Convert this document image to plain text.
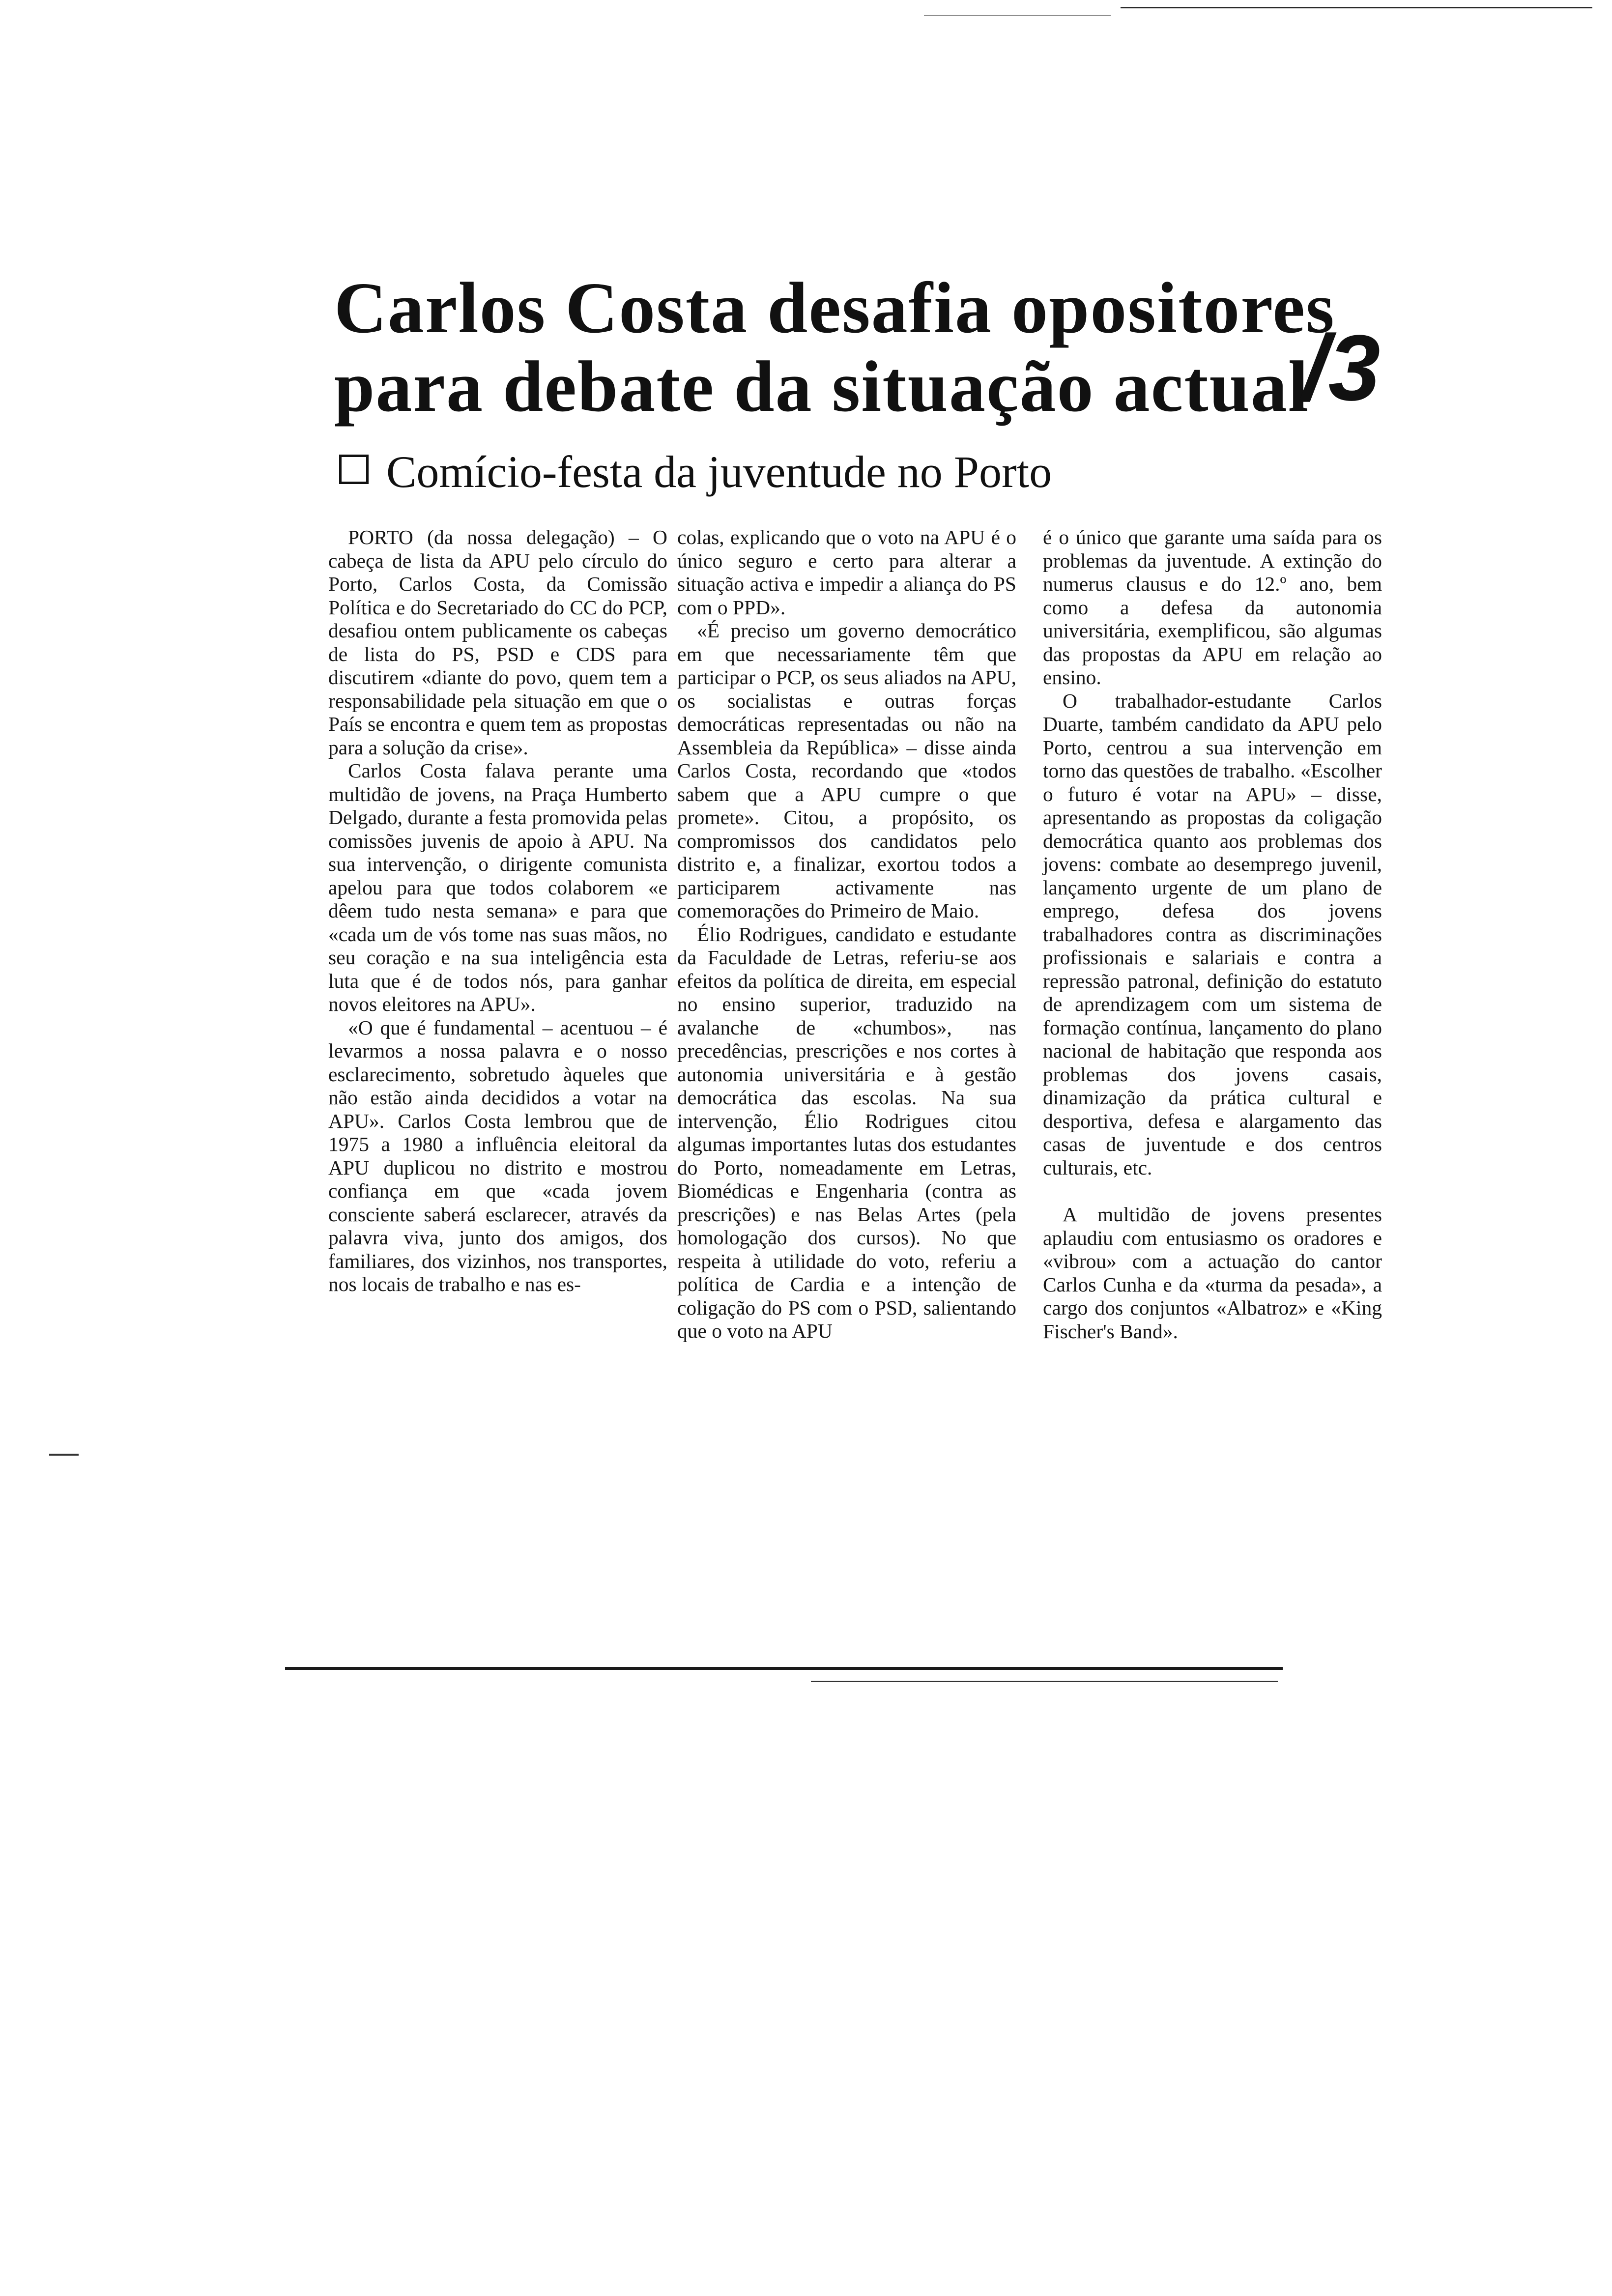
Carlos Costa desafia opositores
para debate da situação actual
/3
Comício-festa da juventude no Porto

PORTO (da nossa delegação) – O cabeça de lista da APU pelo círculo do Porto, Carlos Costa, da Comissão Política e do Secretariado do CC do PCP, desafiou ontem publicamente os cabeças de lista do PS, PSD e CDS para discutirem «diante do povo, quem tem a responsabilidade pela situação em que o País se encontra e quem tem as propostas para a solução da crise».

Carlos Costa falava perante uma multidão de jovens, na Praça Humberto Delgado, durante a festa promovida pelas comissões juvenis de apoio à APU. Na sua intervenção, o dirigente comunista apelou para que todos colaborem «e dêem tudo nesta semana» e para que «cada um de vós tome nas suas mãos, no seu coração e na sua inteligência esta luta que é de todos nós, para ganhar novos eleitores na APU».

«O que é fundamental – acentuou – é levarmos a nossa palavra e o nosso esclarecimento, sobretudo àqueles que não estão ainda decididos a votar na APU». Carlos Costa lembrou que de 1975 a 1980 a influência eleitoral da APU duplicou no distrito e mostrou confiança em que «cada jovem consciente saberá esclarecer, através da palavra viva, junto dos amigos, dos familiares, dos vizinhos, nos transportes, nos locais de trabalho e nas es-

colas, explicando que o voto na APU é o único seguro e certo para alterar a situação activa e impedir a aliança do PS com o PPD».

«É preciso um governo democrático em que necessariamente têm que participar o PCP, os seus aliados na APU, os socialistas e outras forças democráticas representadas ou não na Assembleia da República» – disse ainda Carlos Costa, recordando que «todos sabem que a APU cumpre o que promete». Citou, a propósito, os compromissos dos candidatos pelo distrito e, a finalizar, exortou todos a participarem activamente nas comemorações do Primeiro de Maio.

Élio Rodrigues, candidato e estudante da Faculdade de Letras, referiu-se aos efeitos da política de direita, em especial no ensino superior, traduzido na avalanche de «chumbos», nas precedências, prescrições e nos cortes à autonomia universitária e à gestão democrática das escolas. Na sua intervenção, Élio Rodrigues citou algumas importantes lutas dos estudantes do Porto, nomeadamente em Letras, Biomédicas e Engenharia (contra as prescrições) e nas Belas Artes (pela homologação dos cursos). No que respeita à utilidade do voto, referiu a política de Cardia e a intenção de coligação do PS com o PSD, salientando que o voto na APU

é o único que garante uma saída para os problemas da juventude. A extinção do numerus clausus e do 12.º ano, bem como a defesa da autonomia universitária, exemplificou, são algumas das propostas da APU em relação ao ensino.

O trabalhador-estudante Carlos Duarte, também candidato da APU pelo Porto, centrou a sua intervenção em torno das questões de trabalho. «Escolher o futuro é votar na APU» – disse, apresentando as propostas da coligação democrática quanto aos problemas dos jovens: combate ao desemprego juvenil, lançamento urgente de um plano de emprego, defesa dos jovens trabalhadores contra as discriminações profissionais e salariais e contra a repressão patronal, definição do estatuto de aprendizagem com um sistema de formação contínua, lançamento do plano nacional de habitação que responda aos problemas dos jovens casais, dinamização da prática cultural e desportiva, defesa e alargamento das casas de juventude e dos centros culturais, etc.

A multidão de jovens presentes aplaudiu com entusiasmo os oradores e «vibrou» com a actuação do cantor Carlos Cunha e da «turma da pesada», a cargo dos conjuntos «Albatroz» e «King Fischer's Band».
